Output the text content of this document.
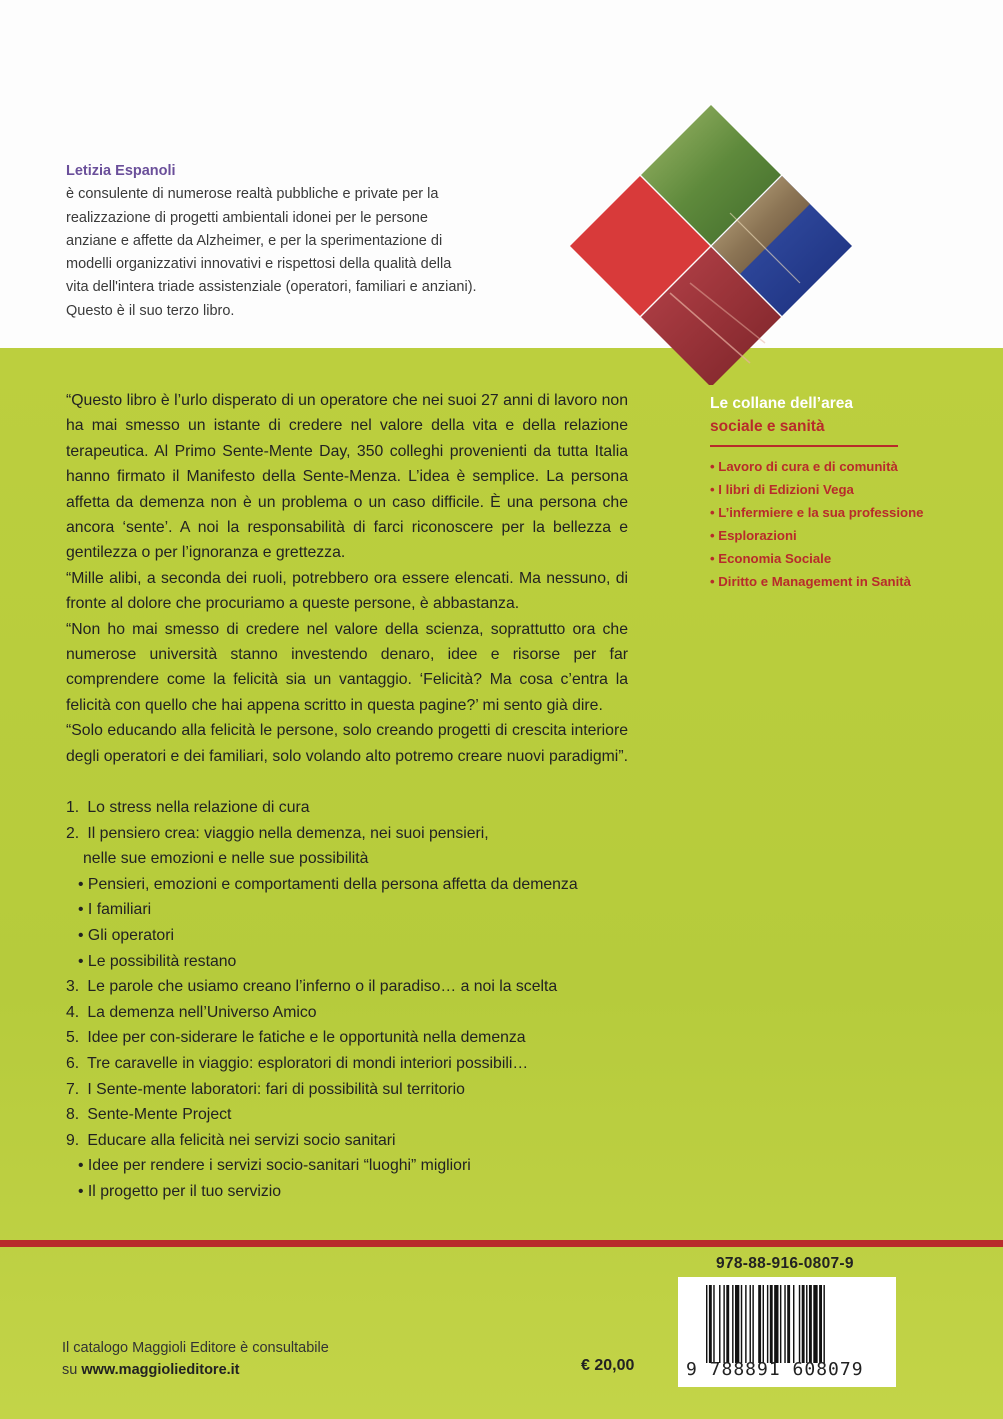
Letizia Espanoli
è consulente di numerose realtà pubbliche e private per la
realizzazione di progetti ambientali idonei per le persone
anziane e affette da Alzheimer, e per la sperimentazione di
modelli organizzativi innovativi e rispettosi della qualità della
vita dell'intera triade assistenziale (operatori, familiari e anziani).
Questo è il suo terzo libro.

“Questo libro è l’urlo disperato di un operatore che nei suoi 27 anni di lavoro non ha mai smesso un istante di credere nel valore della vita e della relazione terapeutica. Al Primo Sente-Mente Day, 350 colleghi provenienti da tutta Italia hanno firmato il Manifesto della Sente-Menza. L’idea è semplice. La persona affetta da demenza non è un problema o un caso difficile. È una persona che ancora ‘sente’. A noi la responsabilità di farci riconoscere per la bellezza e gentilezza o per l’ignoranza e grettezza.

“Mille alibi, a seconda dei ruoli, potrebbero ora essere elencati. Ma nessuno, di fronte al dolore che procuriamo a queste persone, è abbastanza.

“Non ho mai smesso di credere nel valore della scienza, soprattutto ora che numerose università stanno investendo denaro, idee e risorse per far comprendere come la felicità sia un vantaggio. ‘Felicità? Ma cosa c’entra la felicità con quello che hai appena scritto in questa pagine?’ mi sento già dire.

“Solo educando alla felicità le persone, solo creando progetti di crescita interiore degli operatori e dei familiari, solo volando alto potremo creare nuovi paradigmi”.

1. Lo stress nella relazione di cura
2. Il pensiero crea: viaggio nella demenza, nei suoi pensieri,
nelle sue emozioni e nelle sue possibilità
• Pensieri, emozioni e comportamenti della persona affetta da demenza
• I familiari
• Gli operatori
• Le possibilità restano
3. Le parole che usiamo creano l’inferno o il paradiso… a noi la scelta
4. La demenza nell’Universo Amico
5. Idee per con-siderare le fatiche e le opportunità nella demenza
6. Tre caravelle in viaggio: esploratori di mondi interiori possibili…
7. I Sente-mente laboratori: fari di possibilità sul territorio
8. Sente-Mente Project
9. Educare alla felicità nei servizi socio sanitari
• Idee per rendere i servizi socio-sanitari “luoghi” migliori
• Il progetto per il tuo servizio
Le collane dell’area
sociale e sanità
• Lavoro di cura e di comunità
• I libri di Edizioni Vega
• L’infermiere e la sua professione
• Esplorazioni
• Economia Sociale
• Diritto e Management in Sanità
978-88-916-0807-9
9 788891 608079
Il catalogo Maggioli Editore è consultabile
su www.maggiolieditore.it	€ 20,00
